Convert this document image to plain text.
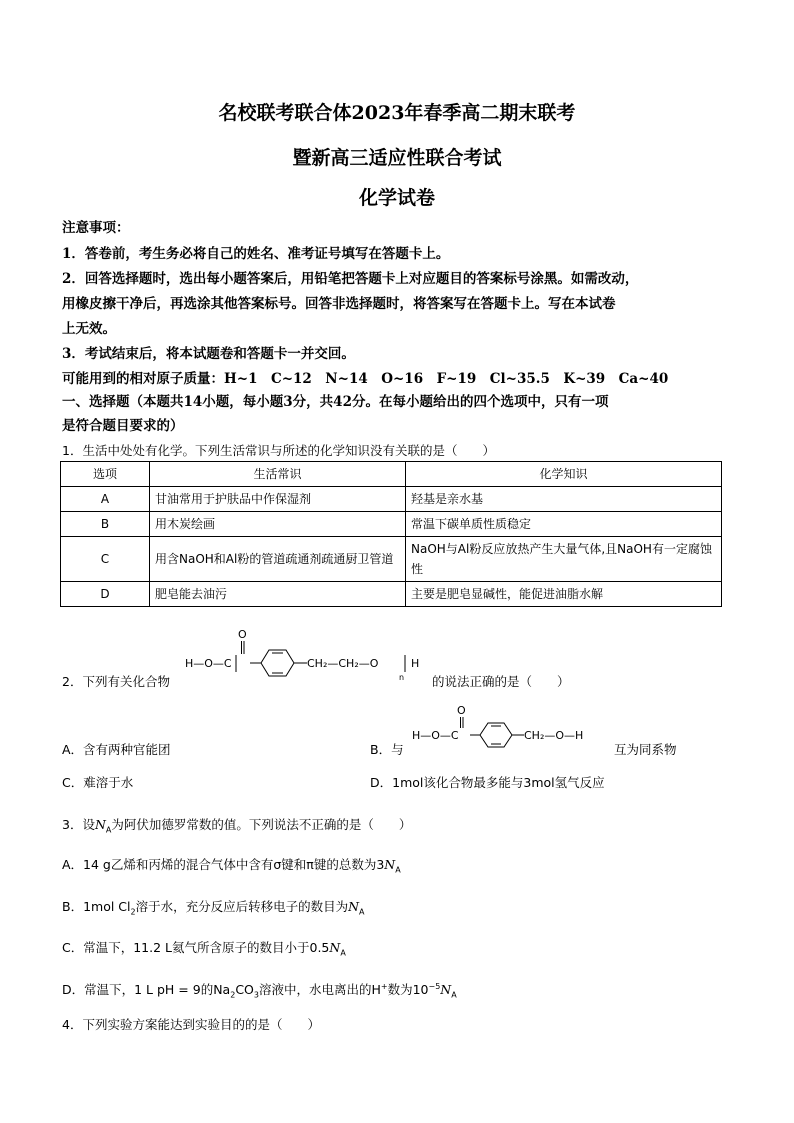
名校联考联合体2023年春季高二期末联考
暨新高三适应性联合考试
化学试卷
注意事项：
1．答卷前，考生务必将自己的姓名、准考证号填写在答题卡上。
2．回答选择题时，选出每小题答案后，用铅笔把答题卡上对应题目的答案标号涂黑。如需改动，
用橡皮擦干净后，再选涂其他答案标号。回答非选择题时，将答案写在答题卡上。写在本试卷
上无效。
3．考试结束后，将本试题卷和答题卡一并交回。
可能用到的相对原子质量：H~1　C~12　N~14　O~16　F~19　Cl~35.5　K~39　Ca~40
一、选择题（本题共14小题，每小题3分，共42分。在每小题给出的四个选项中，只有一项
是符合题目要求的）
1．生活中处处有化学。下列生活常识与所述的化学知识没有关联的是（　　）
选项	生活常识	化学知识
A	甘油常用于护肤品中作保湿剂	羟基是亲水基
B	用木炭绘画	常温下碳单质性质稳定
C	用含NaOH和Al粉的管道疏通剂疏通厨卫管道	NaOH与Al粉反应放热产生大量气体,且NaOH有一定腐蚀性
D	肥皂能去油污	主要是肥皂显碱性，能促进油脂水解
2．下列有关化合物
O
H—O—C	CH₂—CH₂—O
n
H
的说法正确的是（　　）
A．含有两种官能团	B．与
O
H—O—C	CH₂—O—H
互为同系物
C．难溶于水	D．1mol该化合物最多能与3mol氢气反应
3．设$N_A$为阿伏加德罗常数的值。下列说法不正确的是（　　）
A．14 g乙烯和丙烯的混合气体中含有σ键和π键的总数为$3N_A$
B．1mol $Cl_2$溶于水，充分反应后转移电子的数目为$N_A$
C．常温下，11.2 L氦气所含原子的数目小于$0.5N_A$
D．常温下，1 L pH = 9的$Na_2CO_3$溶液中，水电离出的H+数为$10^{-5}N_A$
4．下列实验方案能达到实验目的的是（　　）
